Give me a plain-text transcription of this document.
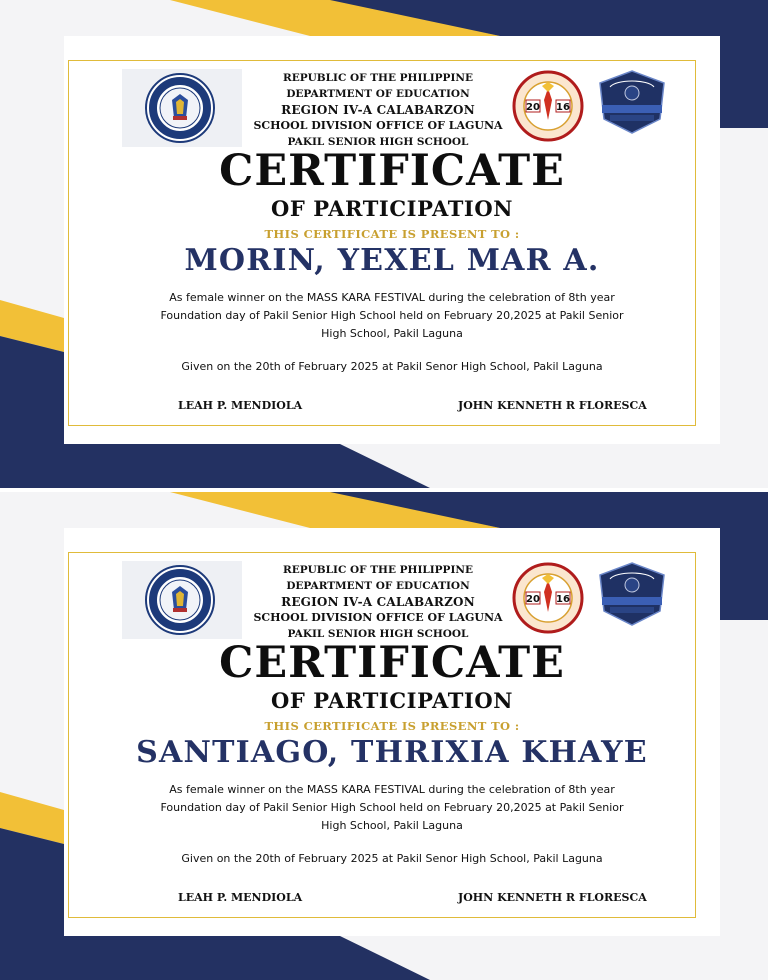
REPUBLIC OF THE PHILIPPINE
DEPARTMENT OF EDUCATION
REGION IV-A CALABARZON
SCHOOL DIVISION OFFICE OF LAGUNA
PAKIL SENIOR HIGH SCHOOL
20 16
CERTIFICATE
OF PARTICIPATION
THIS CERTIFICATE IS PRESENT TO :
MORIN, YEXEL MAR A.
As female winner on the MASS KARA FESTIVAL during the celebration of 8th year
Foundation day of Pakil Senior High School held on February 20,2025 at Pakil Senior
High School, Pakil Laguna
Given on the 20th of February 2025 at Pakil Senor High School, Pakil Laguna
LEAH P. MENDIOLA	JOHN KENNETH R FLORESCA
REPUBLIC OF THE PHILIPPINE
DEPARTMENT OF EDUCATION
REGION IV-A CALABARZON
SCHOOL DIVISION OFFICE OF LAGUNA
PAKIL SENIOR HIGH SCHOOL
20 16
CERTIFICATE
OF PARTICIPATION
THIS CERTIFICATE IS PRESENT TO :
SANTIAGO, THRIXIA KHAYE
As female winner on the MASS KARA FESTIVAL during the celebration of 8th year
Foundation day of Pakil Senior High School held on February 20,2025 at Pakil Senior
High School, Pakil Laguna
Given on the 20th of February 2025 at Pakil Senor High School, Pakil Laguna
LEAH P. MENDIOLA	JOHN KENNETH R FLORESCA
